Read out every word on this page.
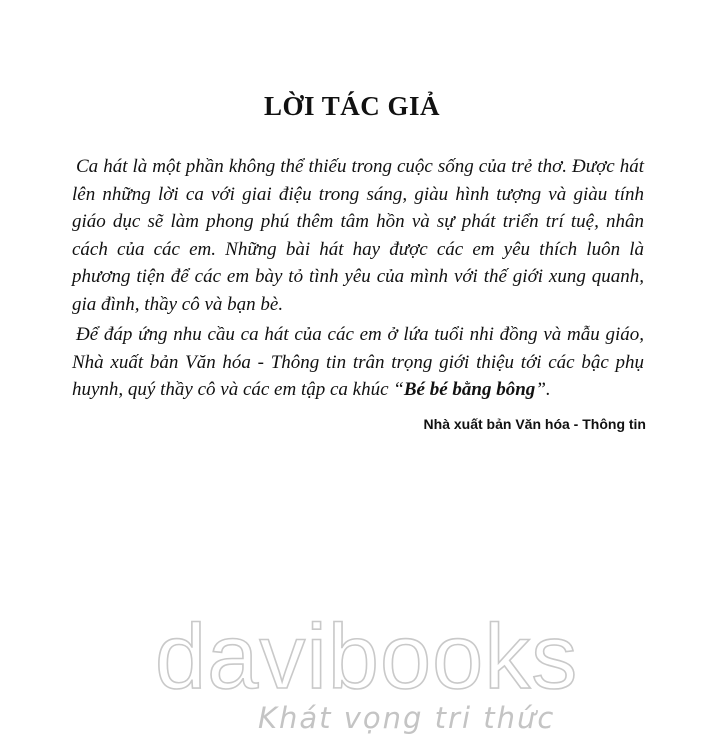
LỜI TÁC GIẢ

Ca hát là một phần không thể thiếu trong cuộc sống của trẻ thơ. Được hát lên những lời ca với giai điệu trong sáng, giàu hình tượng và giàu tính giáo dục sẽ làm phong phú thêm tâm hồn và sự phát triển trí tuệ, nhân cách của các em. Những bài hát hay được các em yêu thích luôn là phương tiện để các em bày tỏ tình yêu của mình với thế giới xung quanh, gia đình, thầy cô và bạn bè.

Để đáp ứng nhu cầu ca hát của các em ở lứa tuổi nhi đồng và mẫu giáo, Nhà xuất bản Văn hóa - Thông tin trân trọng giới thiệu tới các bậc phụ huynh, quý thầy cô và các em tập ca khúc “Bé bé bằng bông”.

Nhà xuất bản Văn hóa - Thông tin
davibooks
Khát vọng tri thức
